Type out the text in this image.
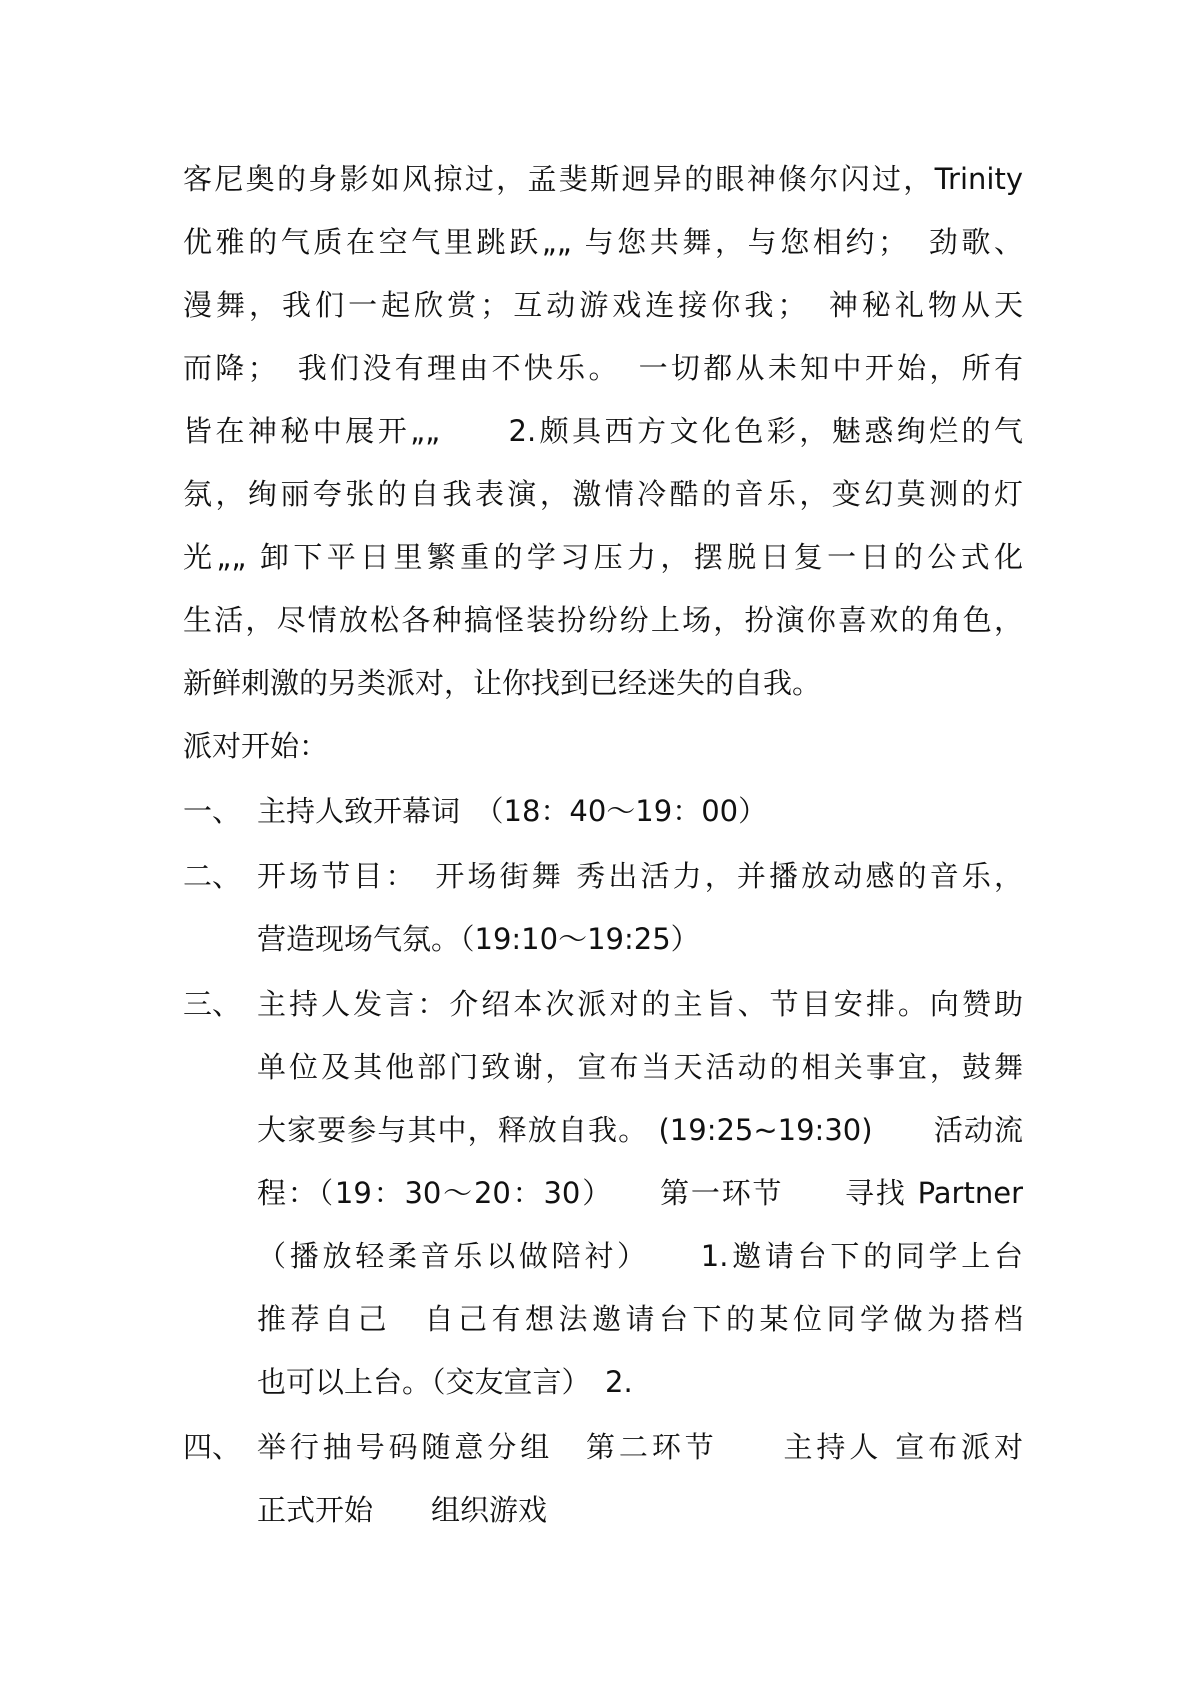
客尼奥的身影如风掠过，孟斐斯迥异的眼神倏尔闪过，Trinity
优雅的气质在空气里跳跃„„ 与您共舞，与您相约；　劲歌、
漫舞，我们一起欣赏；互动游戏连接你我；　神秘礼物从天
而降；　我们没有理由不快乐。　一切都从未知中开始，所有
皆在神秘中展开„„　　2.颇具西方文化色彩，魅惑绚烂的气
氛，绚丽夸张的自我表演，激情冷酷的音乐，变幻莫测的灯
光„„ 卸下平日里繁重的学习压力，摆脱日复一日的公式化
生活，尽情放松各种搞怪装扮纷纷上场，扮演你喜欢的角色，
新鲜刺激的另类派对，让你找到已经迷失的自我。
派对开始：
一、 主持人致开幕词　（18：40～19：00）
二、 开场节目：　开场街舞 秀出活力，并播放动感的音乐，
营造现场气氛。（19:10～19:25）
三、 主持人发言：介绍本次派对的主旨、节目安排。向赞助
单位及其他部门致谢，宣布当天活动的相关事宜，鼓舞
大家要参与其中，释放自我。 (19:25~19:30)　　活动流
程：（19：30～20：30）　　第一环节　　寻找 Partner
（播放轻柔音乐以做陪衬）　　1.邀请台下的同学上台
推荐自己　自己有想法邀请台下的某位同学做为搭档
也可以上台。（交友宣言）　2.
四、 举行抽号码随意分组　第二环节　　主持人 宣布派对
正式开始　　组织游戏
